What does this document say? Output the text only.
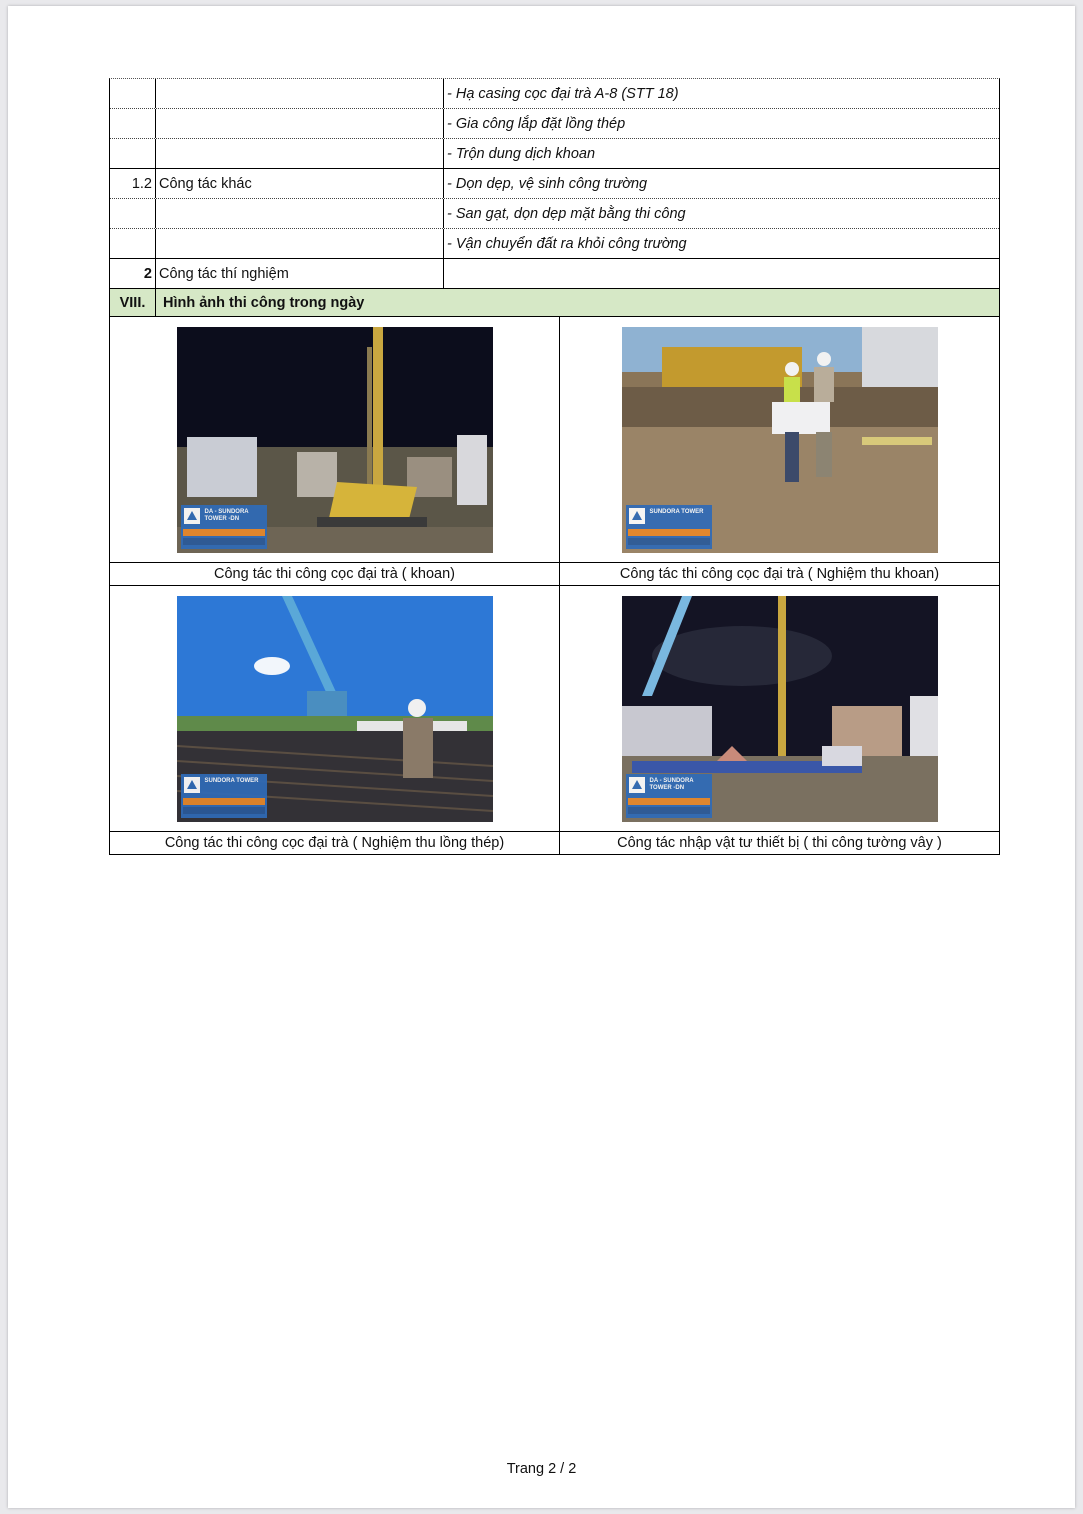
- Hạ casing cọc đại trà A-8 (STT 18)
- Gia công lắp đặt lồng thép
- Trộn dung dịch khoan
1.2 Công tác khác	- Dọn dẹp, vệ sinh công trường
- San gạt, dọn dẹp mặt bằng thi công
- Vận chuyển đất ra khỏi công trường
2 Công tác thí nghiệm
VIII.	Hình ảnh thi công trong ngày
DA - SUNDORA TOWER -DN
SUNDORA TOWER
Công tác thi công cọc đại trà ( khoan)	Công tác thi công cọc đại trà ( Nghiệm thu khoan)
SUNDORA TOWER	DA - SUNDORA TOWER -DN
Công tác thi công cọc đại trà ( Nghiệm thu lồng thép)	Công tác nhập vật tư thiết bị ( thi công tường vây )
Trang 2 / 2
